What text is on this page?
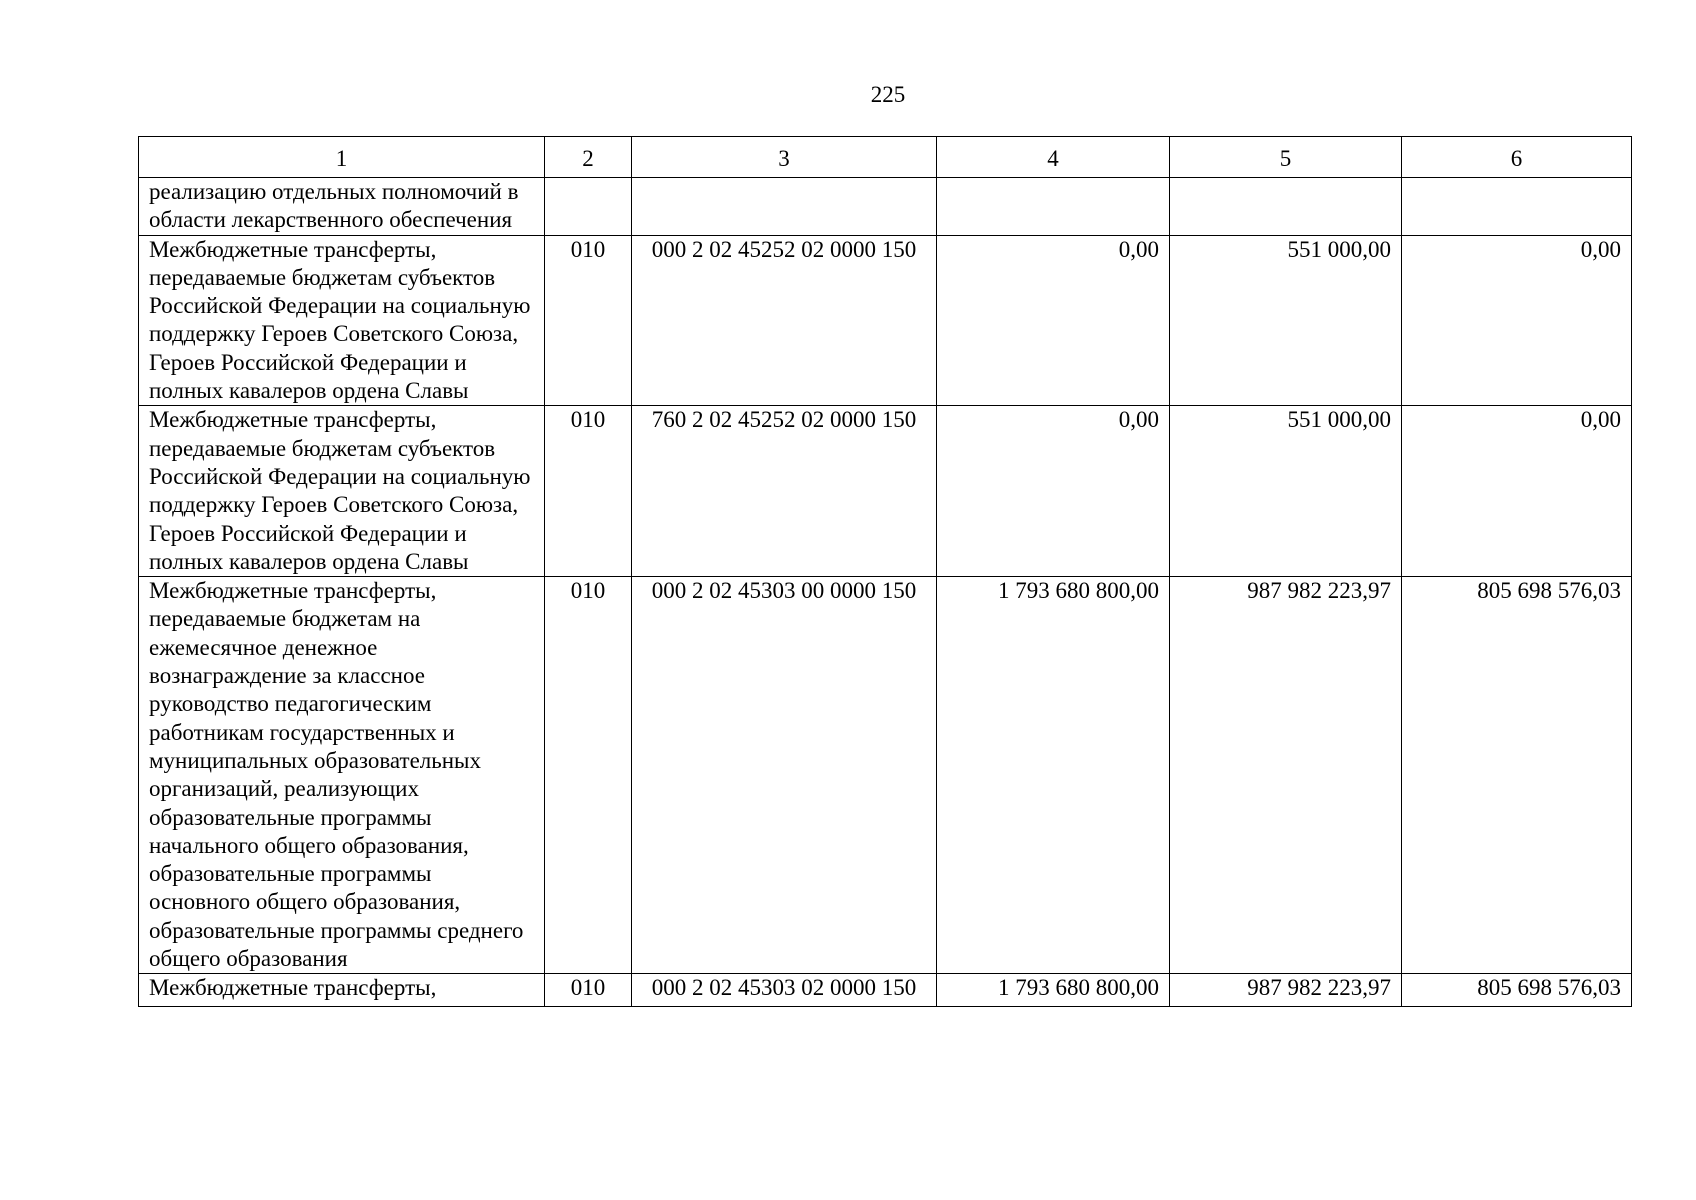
225
1	2	3	4	5	6
реализацию отдельных полномочий в области лекарственного обеспечения					
Межбюджетные трансферты, передаваемые бюджетам субъектов Российской Федерации на социальную поддержку Героев Советского Союза, Героев Российской Федерации и полных кавалеров ордена Славы	010	000 2 02 45252 02 0000 150	0,00	551 000,00	0,00
Межбюджетные трансферты, передаваемые бюджетам субъектов Российской Федерации на социальную поддержку Героев Советского Союза, Героев Российской Федерации и полных кавалеров ордена Славы	010	760 2 02 45252 02 0000 150	0,00	551 000,00	0,00
Межбюджетные трансферты, передаваемые бюджетам на ежемесячное денежное вознаграждение за классное руководство педагогическим работникам государственных и муниципальных образовательных организаций, реализующих образовательные программы начального общего образования, образовательные программы основного общего образования, образовательные программы среднего общего образования	010	000 2 02 45303 00 0000 150	1 793 680 800,00	987 982 223,97	805 698 576,03
Межбюджетные трансферты,	010	000 2 02 45303 02 0000 150	1 793 680 800,00	987 982 223,97	805 698 576,03
